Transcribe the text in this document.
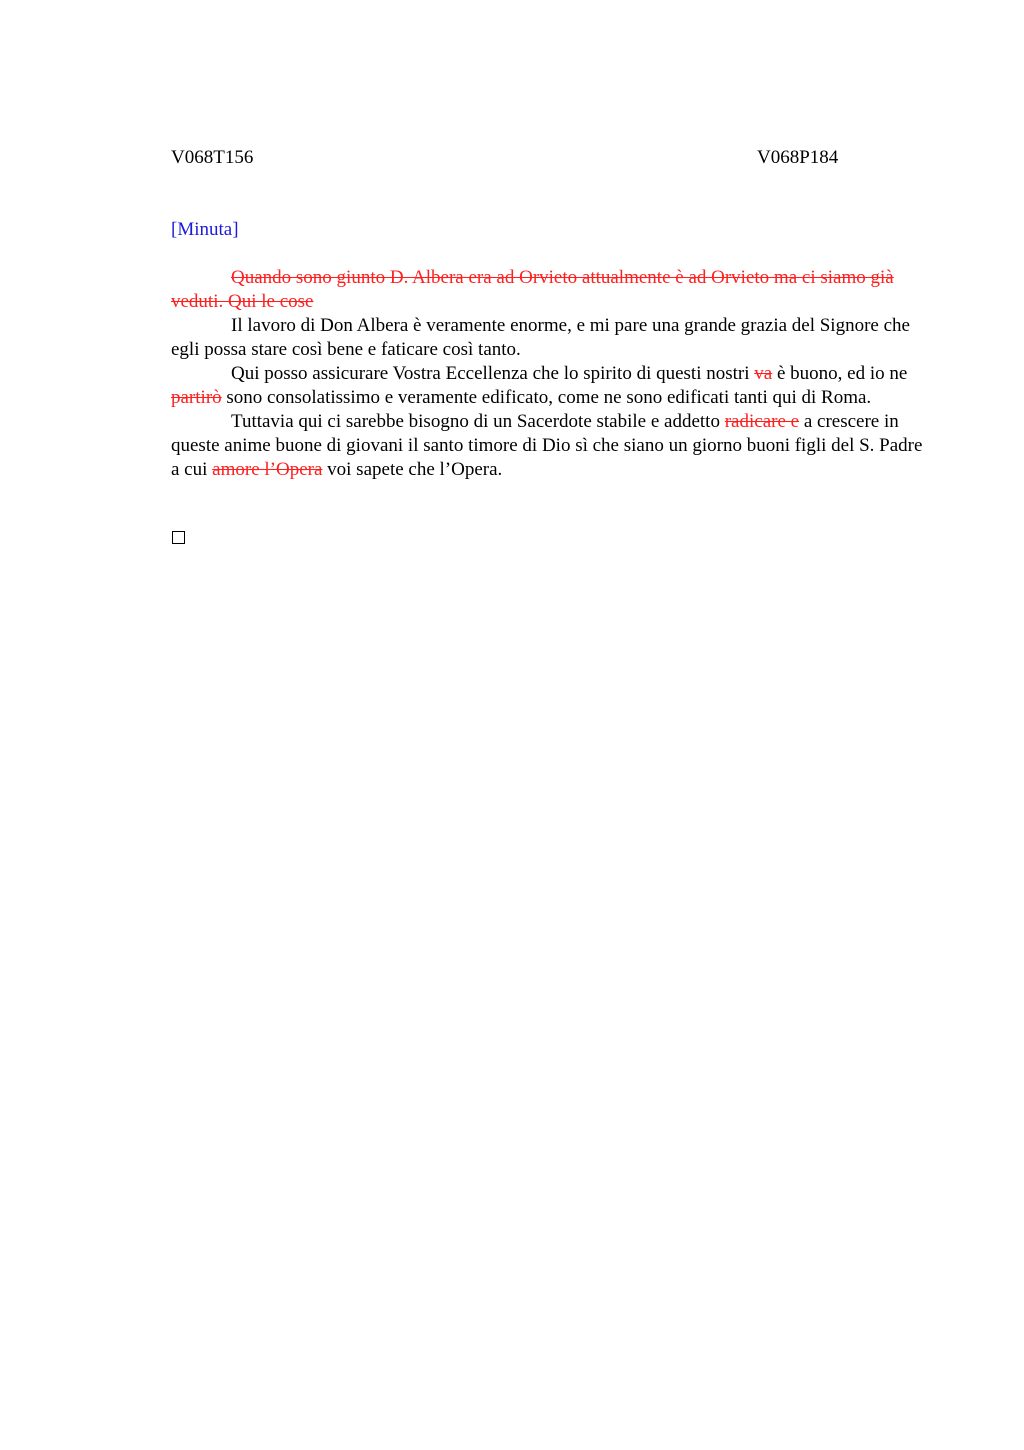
V068T156	V068P184
[Minuta]

Quando sono giunto D. Albera era ad Orvieto attualmente è ad Orvieto ma ci siamo già veduti. Qui le cose

Il lavoro di Don Albera è veramente enorme, e mi pare una grande grazia del Signore che egli possa stare così bene e faticare così tanto.

Qui posso assicurare Vostra Eccellenza che lo spirito di questi nostri va è buono, ed io ne partirò sono consolatissimo e veramente edificato, come ne sono edificati tanti qui di Roma.

Tuttavia qui ci sarebbe bisogno di un Sacerdote stabile e addetto radicare e a crescere in queste anime buone di giovani il santo timore di Dio sì che siano un giorno buoni figli del S. Padre a cui amore l’Opera voi sapete che l’Opera.
